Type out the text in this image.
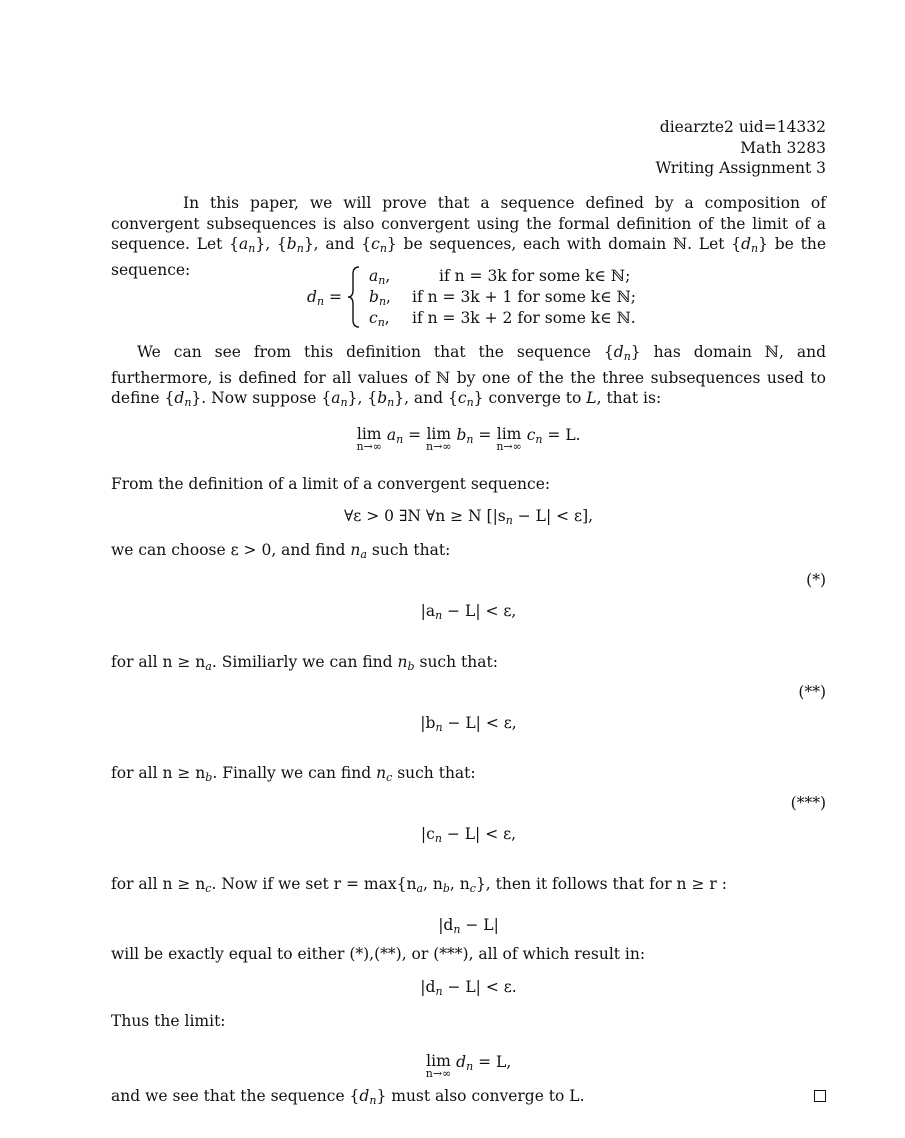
diearzte2 uid=14332
Math 3283
Writing Assignment 3
In this paper, we will prove that a sequence defined by a composition of convergent subsequences is also convergent using the formal definition of the limit of a sequence. Let $\{a_n\}$, $\{b_n\}$, and $\{c_n\}$ be sequences, each with domain ℕ. Let $\{d_n\}$ be the sequence:
$d_n$ =
$a_n$,	if n = 3k for some k∈ ℕ;
$b_n$, if n = 3k + 1 for some k∈ ℕ;
$c_n$, if n = 3k + 2 for some k∈ ℕ.
We can see from this definition that the sequence $\{d_n\}$ has domain ℕ, and furthermore, is defined for all values of ℕ by one of the the three subsequences used to define $\{d_n\}$. Now suppose $\{a_n\}$, $\{b_n\}$, and $\{c_n\}$ converge to L, that is:
lim
n→∞
$a_n = \lim$
n→∞
$b_n = \lim$
n→∞
$c_n = L$.
From the definition of a limit of a convergent sequence:
∀ε > 0 ∃N ∀n ≥ N $[|s_n - L| < \varepsilon]$,
we can choose ε > 0, and find $n_a$ such that:
(*)
$|a_n - L| < \varepsilon$,
for all $n \ge n_a$. Similiarly we can find $n_b$ such that:
(**)
$|b_n - L| < \varepsilon$,
for all $n \ge n_b$. Finally we can find $n_c$ such that:
(***)
$|c_n - L| < \varepsilon$,
for all $n \ge n_c$. Now if we set $r = \max\{n_a$, $n_b$, $n_c$}, then it follows that for n ≥ r :
$|d_n - L|$
will be exactly equal to either (*),(**), or (***), all of which result in:
$|d_n - L| < \varepsilon$.
Thus the limit:
lim
n→∞
$d_n = L$,
and we see that the sequence $\{d_n\}$ must also converge to L.
